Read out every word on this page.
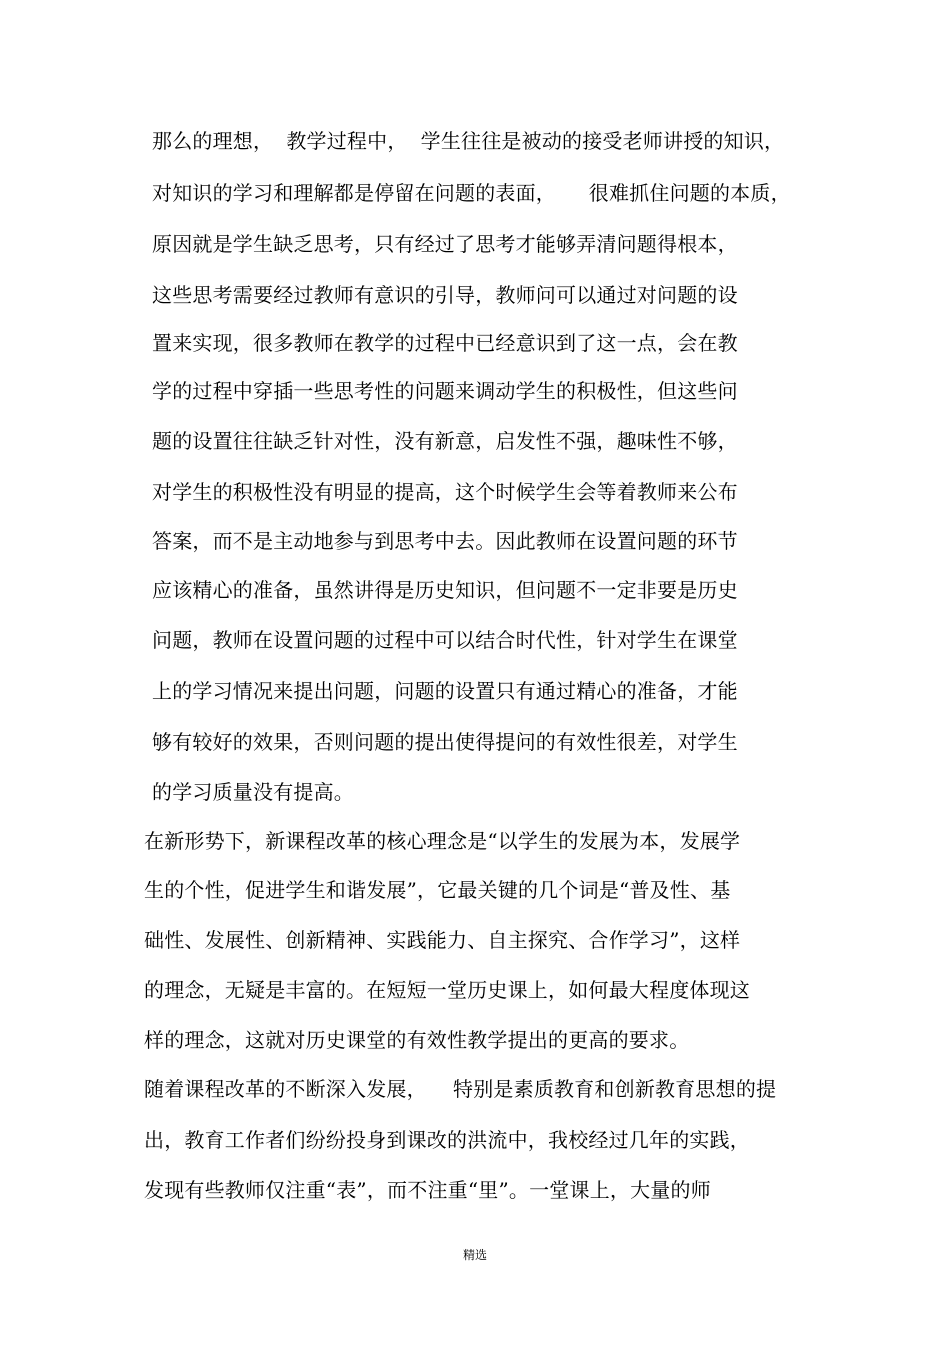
那么的理想，  教学过程中，  学生往往是被动的接受老师讲授的知识，
对知识的学习和理解都是停留在问题的表面，     很难抓住问题的本质，
原因就是学生缺乏思考，只有经过了思考才能够弄清问题得根本，
这些思考需要经过教师有意识的引导，教师问可以通过对问题的设
置来实现，很多教师在教学的过程中已经意识到了这一点，会在教
学的过程中穿插一些思考性的问题来调动学生的积极性，但这些问
题的设置往往缺乏针对性，没有新意，启发性不强，趣味性不够，
对学生的积极性没有明显的提高，这个时候学生会等着教师来公布
答案，而不是主动地参与到思考中去。因此教师在设置问题的环节
应该精心的准备，虽然讲得是历史知识，但问题不一定非要是历史
问题，教师在设置问题的过程中可以结合时代性，针对学生在课堂
上的学习情况来提出问题，问题的设置只有通过精心的准备，才能
够有较好的效果，否则问题的提出使得提问的有效性很差，对学生
的学习质量没有提高。
在新形势下，新课程改革的核心理念是“以学生的发展为本，发展学
生的个性，促进学生和谐发展”，它最关键的几个词是“普及性、基
础性、发展性、创新精神、实践能力、自主探究、合作学习”，这样
的理念，无疑是丰富的。在短短一堂历史课上，如何最大程度体现这
样的理念，这就对历史课堂的有效性教学提出的更高的要求。
随着课程改革的不断深入发展，    特别是素质教育和创新教育思想的提
出，教育工作者们纷纷投身到课改的洪流中，我校经过几年的实践，
发现有些教师仅注重“表”，而不注重“里”。一堂课上，大量的师
精选
